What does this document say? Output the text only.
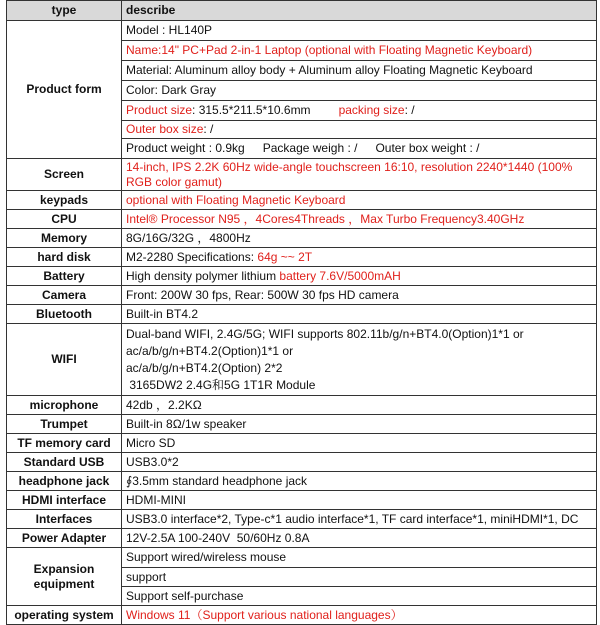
type	describe
Product form	Model : HL140P
	Name:14" PC+Pad 2-in-1 Laptop (optional with Floating Magnetic Keyboard)
	Material: Aluminum alloy body + Aluminum alloy Floating Magnetic Keyboard
	Color: Dark Gray
	Product size: 315.5*211.5*10.6mm packing size: /
	Outer box size: /
	Product weight : 0.9kg Package weigh : / Outer box weight : /
Screen	14-inch, IPS 2.2K 60Hz wide-angle touchscreen 16:10, resolution 2240*1440 (100% RGB color gamut)
keypads	optional with Floating Magnetic Keyboard
CPU	Intel® Processor N95 ，4Cores4Threads ，Max Turbo Frequency3.40GHz
Memory	8G/16G/32G ，4800Hz
hard disk	M2-2280 Specifications: 64g ~~ 2T
Battery	High density polymer lithium battery 7.6V/5000mAH
Camera	Front: 200W 30 fps, Rear: 500W 30 fps HD camera
Bluetooth	Built-in BT4.2
WIFI	Dual-band WIFI, 2.4G/5G; WIFI supports 802.11b/g/n+BT4.0(Option)1*1 or
ac/a/b/g/n+BT4.2(Option)1*1 or
ac/a/b/g/n+BT4.2(Option) 2*2
3165DW2 2.4G和5G 1T1R Module

microphone	42db ，2.2KΩ
Trumpet	Built-in 8Ω/1w speaker
TF memory card	Micro SD
Standard USB	USB3.0*2
headphone jack	∮3.5mm standard headphone jack
HDMI interface	HDMI-MINI
Interfaces	USB3.0 interface*2, Type-c*1 audio interface*1, TF card interface*1, miniHDMI*1, DC
Power Adapter	12V-2.5A 100-240V  50/60Hz 0.8A
Expansion equipment	Support wired/wireless mouse
	support
	Support self-purchase
operating system	Windows 11（Support various national languages）
